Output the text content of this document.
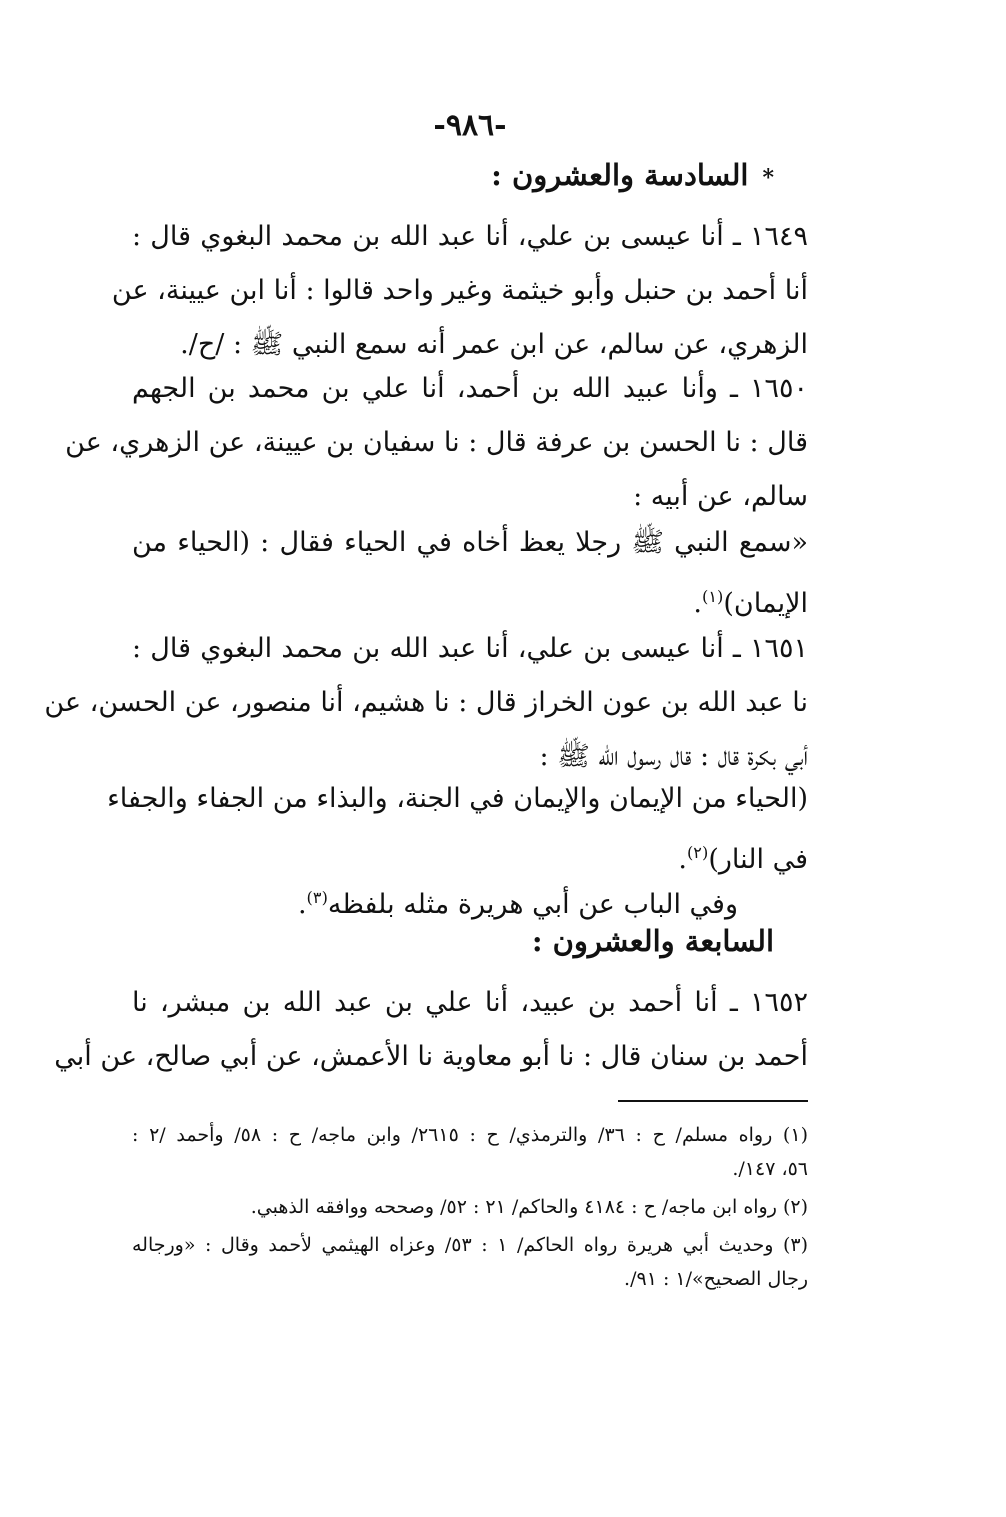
-٩٨٦-
*السادسة والعشرون :
١٦٤٩ ـ أنا عيسى بن علي، أنا عبد الله بن محمد البغوي قال :
أنا أحمد بن حنبل وأبو خيثمة وغير واحد قالوا : أنا ابن عيينة، عن
الزهري، عن سالم، عن ابن عمر أنه سمع النبي ﷺ : /ح/.
١٦٥٠ ـ وأنا عبيد الله بن أحمد، أنا علي بن محمد بن الجهم
قال : نا الحسن بن عرفة قال : نا سفيان بن عيينة، عن الزهري، عن
سالم، عن أبيه :
«سمع النبي ﷺ رجلا يعظ أخاه في الحياء فقال : (الحياء من
الإيمان)$^{(١)}$.
١٦٥١ ـ أنا عيسى بن علي، أنا عبد الله بن محمد البغوي قال :
نا عبد الله بن عون الخراز قال : نا هشيم، أنا منصور، عن الحسن، عن
أبي بكرة قال : قال رسول الله ﷺ :
(الحياء من الإيمان والإيمان في الجنة، والبذاء من الجفاء والجفاء
في النار)$^{(٢)}$.
وفي الباب عن أبي هريرة مثله بلفظه$^{(٣)}$.
السابعة والعشرون :
١٦٥٢ ـ أنا أحمد بن عبيد، أنا علي بن عبد الله بن مبشر، نا
أحمد بن سنان قال : نا أبو معاوية نا الأعمش، عن أبي صالح، عن أبي
(١) رواه مسلم/ ح : ٣٦/ والترمذي/ ح : ٢٦١٥/ وابن ماجه/ ح : ٥٨/ وأحمد /٢ :
٥٦، ١٤٧/.
(٢) رواه ابن ماجه/ ح : ٤١٨٤ والحاكم/ ٢١ : ٥٢/ وصححه ووافقه الذهبي.
(٣) وحديث أبي هريرة رواه الحاكم/ ١ : ٥٣/ وعزاه الهيثمي لأحمد وقال : «ورجاله
رجال الصحيح»/١ : ٩١/.
